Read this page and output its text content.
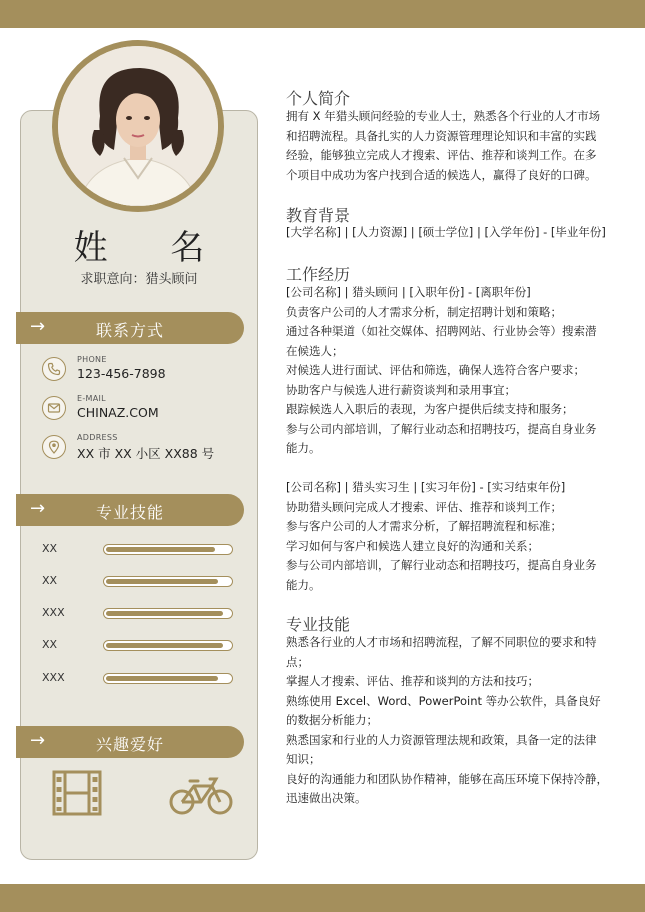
姓 名
求职意向：猎头顾问
→	联系方式
PHONE
123-456-7898
E-MAIL
CHINAZ.COM
ADDRESS
XX 市 XX 小区 XX88 号
→	专业技能
XX
XX
XXX
XX
XXX
→	兴趣爱好
个人简介
拥有 X 年猎头顾问经验的专业人士，熟悉各个行业的人才市场
和招聘流程。具备扎实的人力资源管理理论知识和丰富的实践
经验，能够独立完成人才搜索、评估、推荐和谈判工作。在多
个项目中成功为客户找到合适的候选人，赢得了良好的口碑。
教育背景
[大学名称] | [人力资源] | [硕士学位] | [入学年份] - [毕业年份]
工作经历
[公司名称] | 猎头顾问 | [入职年份] - [离职年份]
负责客户公司的人才需求分析，制定招聘计划和策略；
通过各种渠道（如社交媒体、招聘网站、行业协会等）搜索潜
在候选人；
对候选人进行面试、评估和筛选，确保人选符合客户要求；
协助客户与候选人进行薪资谈判和录用事宜；
跟踪候选人入职后的表现，为客户提供后续支持和服务；
参与公司内部培训，了解行业动态和招聘技巧，提高自身业务
能力。
[公司名称] | 猎头实习生 | [实习年份] - [实习结束年份]
协助猎头顾问完成人才搜索、评估、推荐和谈判工作；
参与客户公司的人才需求分析，了解招聘流程和标准；
学习如何与客户和候选人建立良好的沟通和关系；
参与公司内部培训，了解行业动态和招聘技巧，提高自身业务
能力。
专业技能
熟悉各行业的人才市场和招聘流程，了解不同职位的要求和特
点；
掌握人才搜索、评估、推荐和谈判的方法和技巧；
熟练使用 Excel、Word、PowerPoint 等办公软件，具备良好
的数据分析能力；
熟悉国家和行业的人力资源管理法规和政策，具备一定的法律
知识；
良好的沟通能力和团队协作精神，能够在高压环境下保持冷静，
迅速做出决策。
